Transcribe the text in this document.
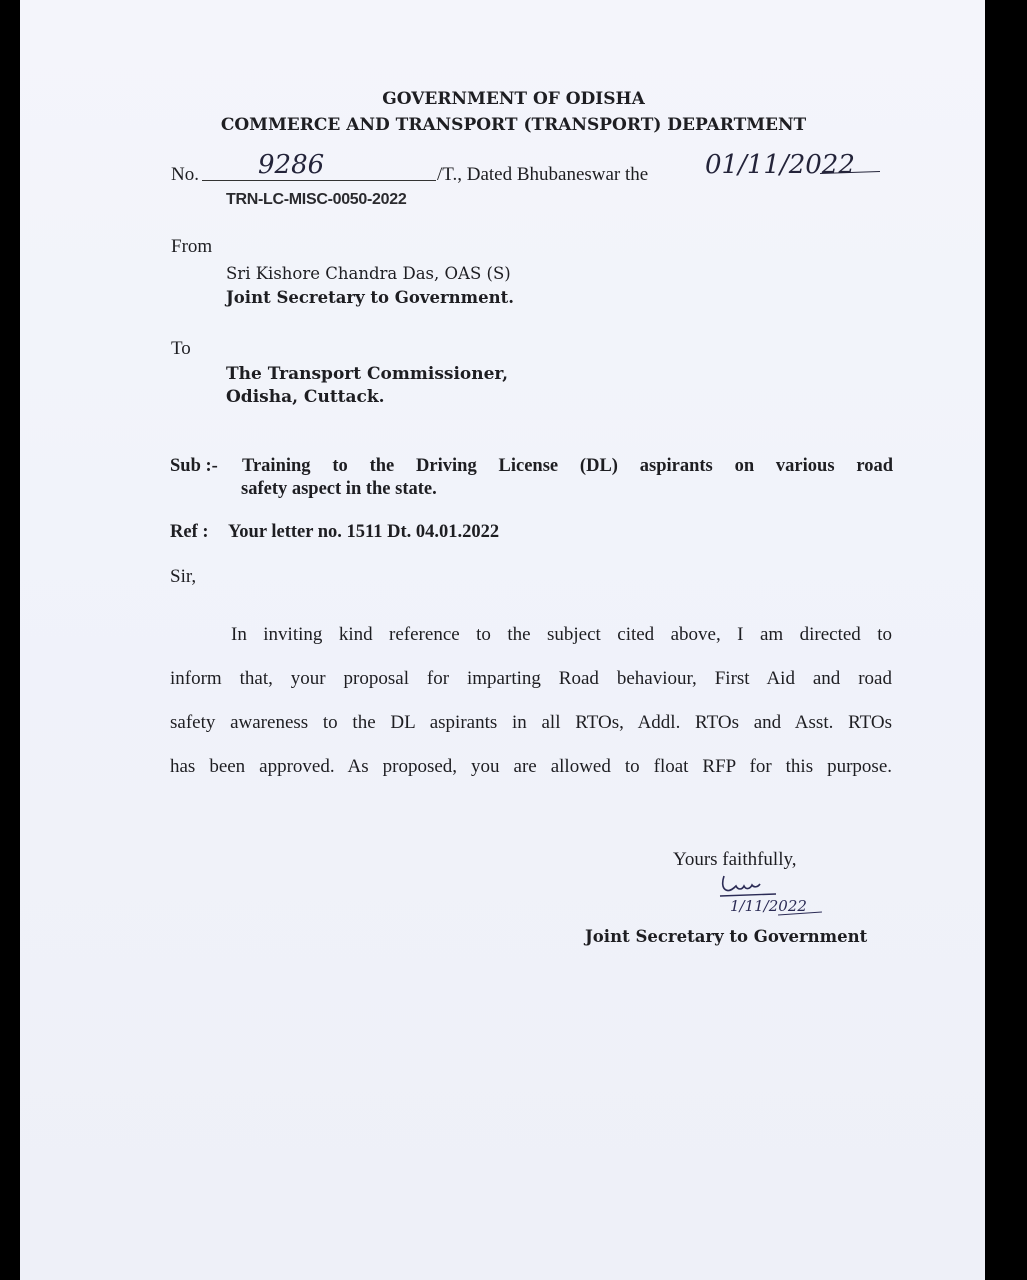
GOVERNMENT OF ODISHA
COMMERCE AND TRANSPORT (TRANSPORT) DEPARTMENT
No. 9286	/T., Dated Bhubaneswar the 01/11/2022
TRN-LC-MISC-0050-2022
From
Sri Kishore Chandra Das, OAS (S)
Joint Secretary to Government.
To
The Transport Commissioner,
Odisha, Cuttack.
Sub :- Training to the Driving License (DL) aspirants on various road
safety aspect in the state.
Ref : Your letter no. 1511 Dt. 04.01.2022
Sir,
In inviting kind reference to the subject cited above, I am directed to
inform that, your proposal for imparting Road behaviour, First Aid and road
safety awareness to the DL aspirants in all RTOs, Addl. RTOs and Asst. RTOs
has been approved. As proposed, you are allowed to float RFP for this purpose.
Yours faithfully,
1/11/2022
Joint Secretary to Government
